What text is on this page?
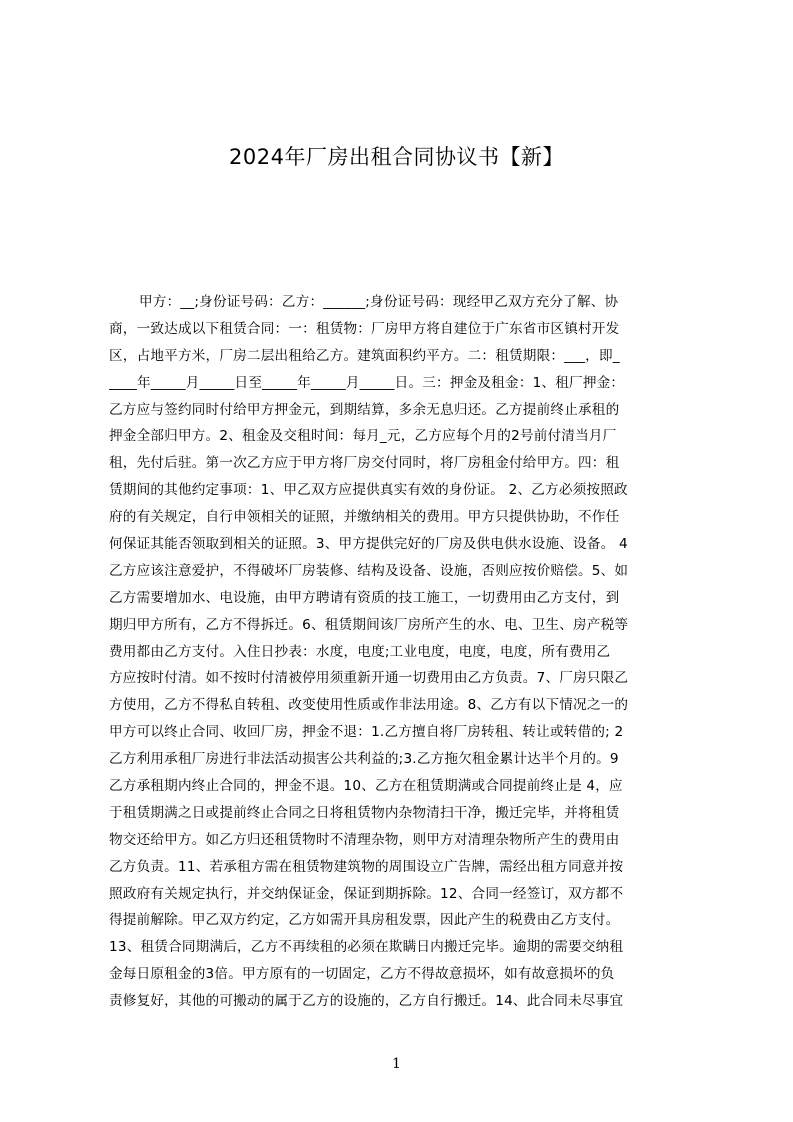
2024年厂房出租合同协议书【新】
甲方：__;身份证号码：乙方：______;身份证号码：现经甲乙双方充分了解、协
商，一致达成以下租赁合同：一：租赁物：厂房甲方将自建位于广东省市区镇村开发
区，占地平方米，厂房二层出租给乙方。建筑面积约平方。二：租赁期限：___，即_
____年_____月_____日至_____年_____月_____日。三：押金及租金：1、租厂押金：
乙方应与签约同时付给甲方押金元，到期结算，多余无息归还。乙方提前终止承租的
押金全部归甲方。2、租金及交租时间：每月_元，乙方应每个月的2号前付清当月厂
租，先付后驻。第一次乙方应于甲方将厂房交付同时，将厂房租金付给甲方。四：租
赁期间的其他约定事项：1、甲乙双方应提供真实有效的身份证。 2、乙方必须按照政
府的有关规定，自行申领相关的证照，并缴纳相关的费用。甲方只提供协助，不作任
何保证其能否领取到相关的证照。3、甲方提供完好的厂房及供电供水设施、设备。 4
乙方应该注意爱护，不得破坏厂房装修、结构及设备、设施，否则应按价赔偿。5、如
乙方需要增加水、电设施，由甲方聘请有资质的技工施工，一切费用由乙方支付，到
期归甲方所有，乙方不得拆迁。6、租赁期间该厂房所产生的水、电、卫生、房产税等
费用都由乙方支付。入住日抄表：水度，电度;工业电度，电度，电度，所有费用乙
方应按时付清。如不按时付清被停用须重新开通一切费用由乙方负责。7、厂房只限乙
方使用，乙方不得私自转租、改变使用性质或作非法用途。8、乙方有以下情况之一的
甲方可以终止合同、收回厂房，押金不退：1.乙方擅自将厂房转租、转让或转借的; 2
乙方利用承租厂房进行非法活动损害公共利益的;3.乙方拖欠租金累计达半个月的。9
乙方承租期内终止合同的，押金不退。10、乙方在租赁期满或合同提前终止是 4，应
于租赁期满之日或提前终止合同之日将租赁物内杂物清扫干净，搬迁完毕，并将租赁
物交还给甲方。如乙方归还租赁物时不清理杂物，则甲方对清理杂物所产生的费用由
乙方负责。11、若承租方需在租赁物建筑物的周围设立广告牌，需经出租方同意并按
照政府有关规定执行，并交纳保证金，保证到期拆除。12、合同一经签订，双方都不
得提前解除。甲乙双方约定，乙方如需开具房租发票，因此产生的税费由乙方支付。
13、租赁合同期满后，乙方不再续租的必须在欺瞒日内搬迁完毕。逾期的需要交纳租
金每日原租金的3倍。甲方原有的一切固定，乙方不得故意损坏，如有故意损坏的负
责修复好，其他的可搬动的属于乙方的设施的，乙方自行搬迁。14、此合同未尽事宜
1
